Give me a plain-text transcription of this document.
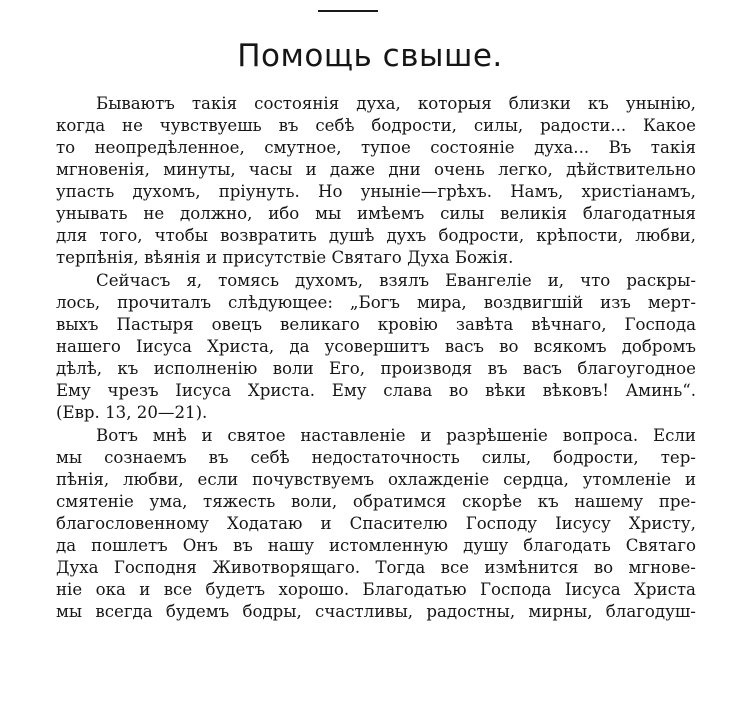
Помощь свыше.
Бываютъ такія состоянія духа, которыя близки къ унынію,
когда не чувствуешь въ себѣ бодрости, силы, радости... Какое
то неопредѣленное, смутное, тупое состояніе духа... Въ такія
мгновенія, минуты, часы и даже дни очень легко, дѣйствительно
упасть духомъ, пріунуть. Но уныніе—грѣхъ. Намъ, христіанамъ,
унывать не должно, ибо мы имѣемъ силы великія благодатныя
для того, чтобы возвратить душѣ духъ бодрости, крѣпости, любви,
терпѣнія, вѣянія и присутствіе Святаго Духа Божія.
Сейчасъ я, томясь духомъ, взялъ Евангеліе и, что раскры-
лось, прочиталъ слѣдующее: „Богъ мира, воздвигшій изъ мерт-
выхъ Пастыря овецъ великаго кровію завѣта вѣчнаго, Господа
нашего Іисуса Христа, да усовершитъ васъ во всякомъ добромъ
дѣлѣ, къ исполненію воли Его, производя въ васъ благоугодное
Ему чрезъ Іисуса Христа. Ему слава во вѣки вѣковъ! Аминь“.
(Евр. 13, 20—21).
Вотъ мнѣ и святое наставленіе и разрѣшеніе вопроса. Если
мы сознаемъ въ себѣ недостаточность силы, бодрости, тер-
пѣнія, любви, если почувствуемъ охлажденіе сердца, утомленіе и
смятеніе ума, тяжесть воли, обратимся скорѣе къ нашему пре-
благословенному Ходатаю и Спасителю Господу Іисусу Христу,
да пошлетъ Онъ въ нашу истомленную душу благодать Святаго
Духа Господня Животворящаго. Тогда все измѣнится во мгнове-
ніе ока и все будетъ хорошо. Благодатью Господа Іисуса Христа
мы всегда будемъ бодры, счастливы, радостны, мирны, благодуш-
